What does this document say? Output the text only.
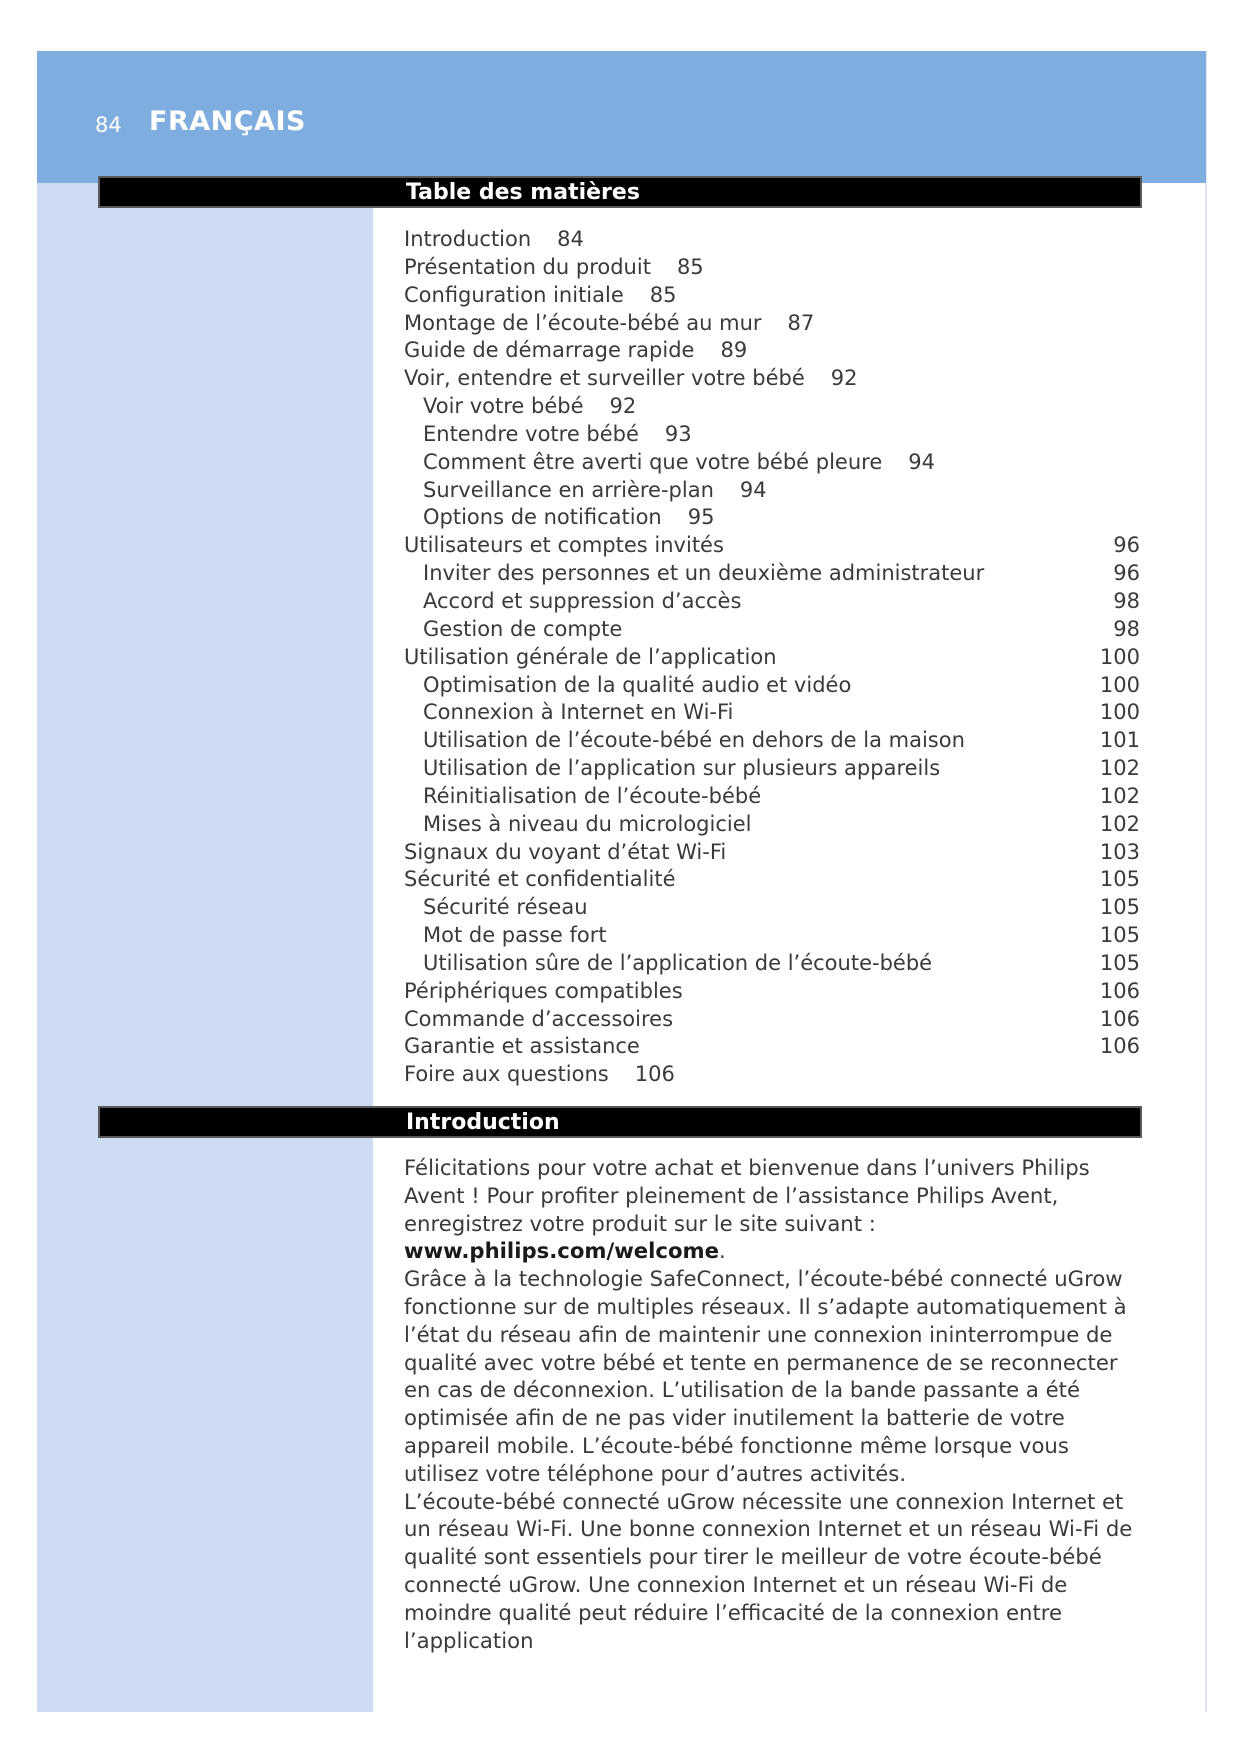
84 FRANÇAIS
Table des matières
Introduction 84
Présentation du produit 85
Configuration initiale 85
Montage de l’écoute-bébé au mur 87
Guide de démarrage rapide 89
Voir, entendre et surveiller votre bébé 92
Voir votre bébé 92
Entendre votre bébé 93
Comment être averti que votre bébé pleure 94
Surveillance en arrière-plan 94
Options de notification 95
Utilisateurs et comptes invités	96
Inviter des personnes et un deuxième administrateur	96
Accord et suppression d’accès	98
Gestion de compte	98
Utilisation générale de l’application	100
Optimisation de la qualité audio et vidéo	100
Connexion à Internet en Wi-Fi	100
Utilisation de l’écoute-bébé en dehors de la maison	101
Utilisation de l’application sur plusieurs appareils	102
Réinitialisation de l’écoute-bébé	102
Mises à niveau du micrologiciel	102
Signaux du voyant d’état Wi-Fi	103
Sécurité et confidentialité	105
Sécurité réseau	105
Mot de passe fort	105
Utilisation sûre de l’application de l’écoute-bébé	105
Périphériques compatibles	106
Commande d’accessoires	106
Garantie et assistance	106
Foire aux questions 106
Introduction

Félicitations pour votre achat et bienvenue dans l’univers Philips Avent ! Pour profiter pleinement de l’assistance Philips Avent, enregistrez votre produit sur le site suivant : www.philips.com/welcome.

Grâce à la technologie SafeConnect, l’écoute-bébé connecté uGrow fonctionne sur de multiples réseaux. Il s’adapte automatiquement à l’état du réseau afin de maintenir une connexion ininterrompue de qualité avec votre bébé et tente en permanence de se reconnecter en cas de déconnexion. L’utilisation de la bande passante a été optimisée afin de ne pas vider inutilement la batterie de votre appareil mobile. L’écoute-bébé fonctionne même lorsque vous utilisez votre téléphone pour d’autres activités.

L’écoute-bébé connecté uGrow nécessite une connexion Internet et un réseau Wi-Fi. Une bonne connexion Internet et un réseau Wi-Fi de qualité sont essentiels pour tirer le meilleur de votre écoute-bébé connecté uGrow. Une connexion Internet et un réseau Wi-Fi de moindre qualité peut réduire l’efficacité de la connexion entre l’application
